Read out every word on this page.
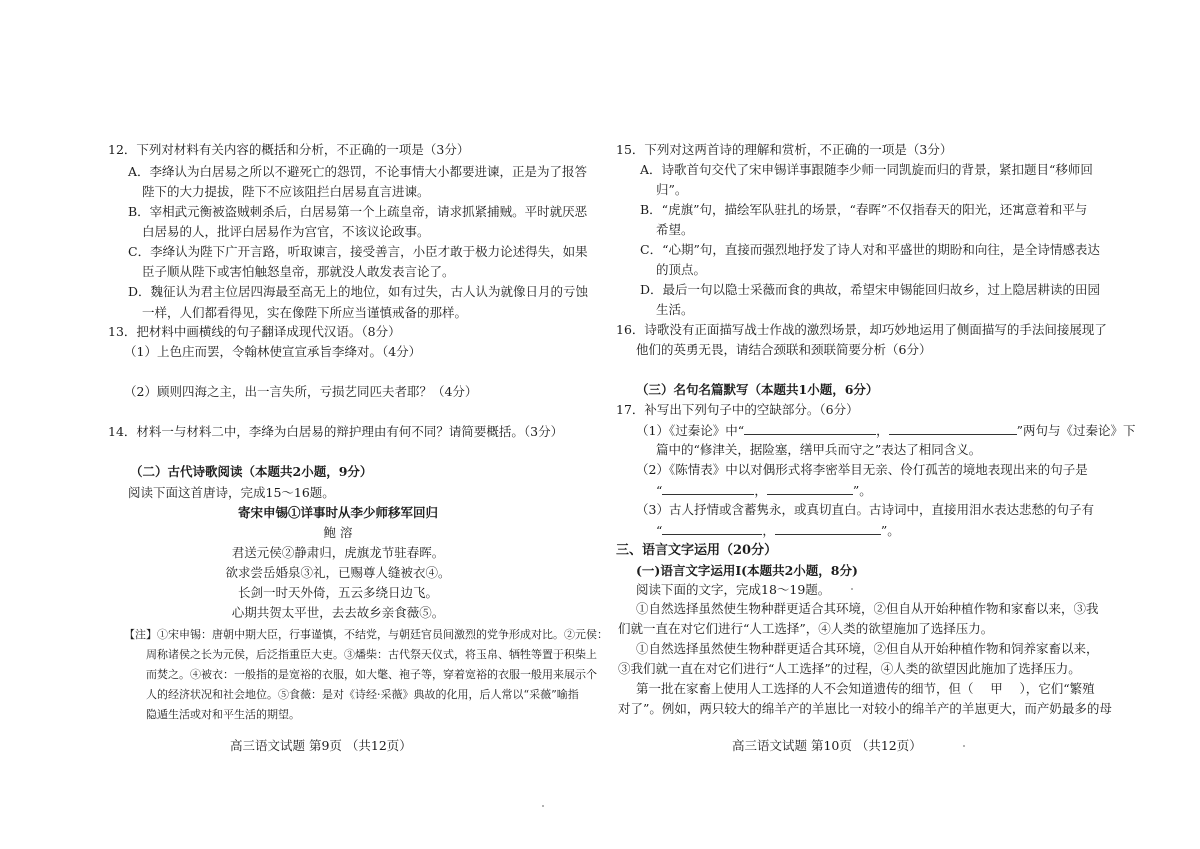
12．下列对材料有关内容的概括和分析，不正确的一项是（3分）
A．李绛认为白居易之所以不避死亡的怨罚，不论事情大小都要进谏，正是为了报答
陛下的大力提拔，陛下不应该阻拦白居易直言进谏。
B．宰相武元衡被盗贼刺杀后，白居易第一个上疏皇帝，请求抓紧捕贼。平时就厌恶
白居易的人，批评白居易作为宫官，不该议论政事。
C．李绛认为陛下广开言路，听取谏言，接受善言，小臣才敢于极力论述得失，如果
臣子顺从陛下或害怕触怒皇帝，那就没人敢发表言论了。
D．魏征认为君主位居四海最至高无上的地位，如有过失，古人认为就像日月的亏蚀
一样，人们都看得见，实在像陛下所应当谨慎戒备的那样。
13．把材料中画横线的句子翻译成现代汉语。（8分）
（1）上色庄而罢，令翰林使宣宣承旨李绛对。（4分）
（2）顾则四海之主，出一言失所，亏损艺同匹夫者耶？（4分）
14．材料一与材料二中，李绛为白居易的辩护理由有何不同？请简要概括。（3分）
（二）古代诗歌阅读（本题共2小题，9分）
阅读下面这首唐诗，完成15～16题。
寄宋申锡①详事时从李少师移军回归
鲍 溶
君送元侯②静肃归，虎旗龙节驻春晖。
欲求尝岳婚泉③礼，已赐尊人缝被衣④。
长剑一时天外倚，五云多绕日边飞。
心期共贺太平世，去去故乡亲食薇⑤。
【注】①宋申锡：唐朝中期大臣，行事谨慎，不结党，与朝廷官员间激烈的党争形成对比。②元侯：
周称诸侯之长为元侯，后泛指重臣大吏。③燔柴：古代祭天仪式，将玉帛、牺牲等置于积柴上
而焚之。④被衣：一般指的是宽裕的衣服，如大氅、袍子等，穿着宽裕的衣服一般用来展示个
人的经济状况和社会地位。⑤食薇：是对《诗经·采薇》典故的化用，后人常以“采薇”喻指
隐遁生活或对和平生活的期望。
高三语文试题 第9页 （共12页）
15．下列对这两首诗的理解和赏析，不正确的一项是（3分）
A．诗歌首句交代了宋申锡详事跟随李少师一同凯旋而归的背景，紧扣题目“移师回
归”。
B．“虎旗”句，描绘军队驻扎的场景，“春晖”不仅指春天的阳光，还寓意着和平与
希望。
C．“心期”句，直接而强烈地抒发了诗人对和平盛世的期盼和向往，是全诗情感表达
的顶点。
D．最后一句以隐士采薇而食的典故，希望宋申锡能回归故乡，过上隐居耕读的田园
生活。
16．诗歌没有正面描写战士作战的激烈场景，却巧妙地运用了侧面描写的手法间接展现了
他们的英勇无畏，请结合颈联和颈联简要分析（6分）
（三）名句名篇默写（本题共1小题，6分）
17．补写出下列句子中的空缺部分。（6分）
（1）《过秦论》中“	，	”两句与《过秦论》下
篇中的“修津关，据险塞，缮甲兵而守之”表达了相同含义。
（2）《陈情表》中以对偶形式将李密举目无亲、伶仃孤苦的境地表现出来的句子是
“	，	”。
（3）古人抒情或含蓄隽永，或真切直白。古诗词中，直接用泪水表达悲愁的句子有
“	，	”。
三、语言文字运用（20分）
(一)语言文字运用Ⅰ(本题共2小题，8分)
阅读下面的文字，完成18～19题。
①自然选择虽然使生物种群更适合其环境，②但自从开始种植作物和家畜以来，③我
们就一直在对它们进行“人工选择”，④人类的欲望施加了选择压力。
①自然选择虽然使生物种群更适合其环境，②但自从开始种植作物和饲养家畜以来，
③我们就一直在对它们进行“人工选择”的过程，④人类的欲望因此施加了选择压力。
第一批在家畜上使用人工选择的人不会知道遗传的细节，但（ 甲 ），它们“繁殖
对了”。例如，两只较大的绵羊产的羊崽比一对较小的绵羊产的羊崽更大，而产奶最多的母
高三语文试题 第10页 （共12页）
